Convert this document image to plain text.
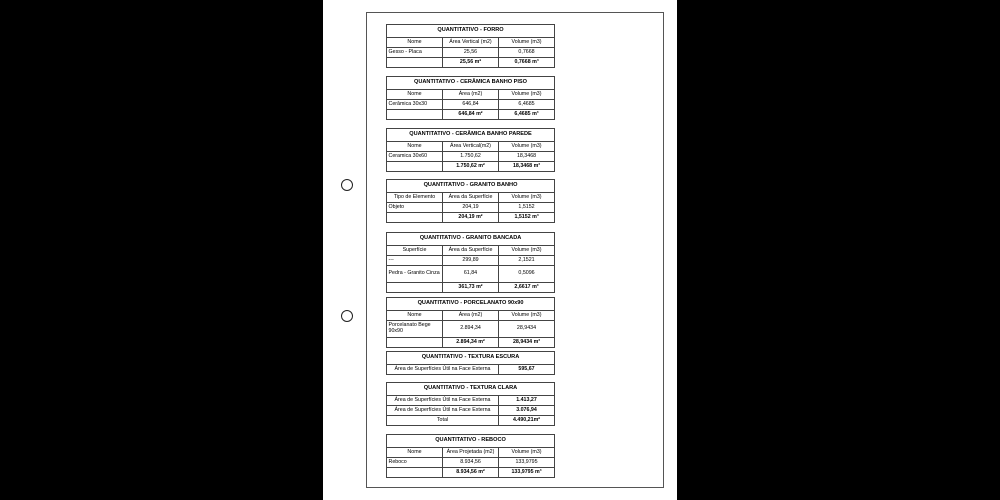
QUANTITATIVO - FORRO		
Nome	Área Vertical (m2)	Volume (m3)
Gesso - Placa	25,56	0,7668
	25,56 m²	0,7668 m³
QUANTITATIVO - CERÂMICA BANHO PISO		
Nome	Área (m2)	Volume (m3)
Cerâmica 30x30	646,84	6,4685
	646,84 m²	6,4685 m³
QUANTITATIVO - CERÂMICA BANHO PAREDE		
Nome	Área Vertical(m2)	Volume (m3)
Ceramica 30x60	1.750,62	18,3468
	1.750,62 m²	18,3468 m³
QUANTITATIVO - GRANITO BANHO		
Tipo de Elemento	Área da Superfície	Volume (m3)
Objeto	204,19	1,5152
	204,19 m²	1,5152 m³
QUANTITATIVO - GRANITO BANCADA		
Superfície	Área da Superfície	Volume (m3)
---	299,89	2,1521
Pedra - Granito Cinza	61,84	0,5096
	361,73 m²	2,6617 m³
QUANTITATIVO - PORCELANATO 90x90		
Nome	Área (m2)	Volume (m3)
Porcelanato Bege 90x90	2.894,34	28,9434
	2.894,34 m²	28,9434 m³
QUANTITATIVO - TEXTURA ESCURA
Área de Superfícies Útil na Face Externa	595,67
QUANTITATIVO - TEXTURA CLARA	
Área de Superfícies Útil na Face Externa	1.413,27
Área de Superfícies Útil na Face Externa	3.076,94
Total	4.490,21m²
QUANTITATIVO - REBOCO		
Nome	Área Projetada (m2)	Volume (m3)
Reboco	8.934,56	133,9795
	8.934,56 m²	133,9795 m³
